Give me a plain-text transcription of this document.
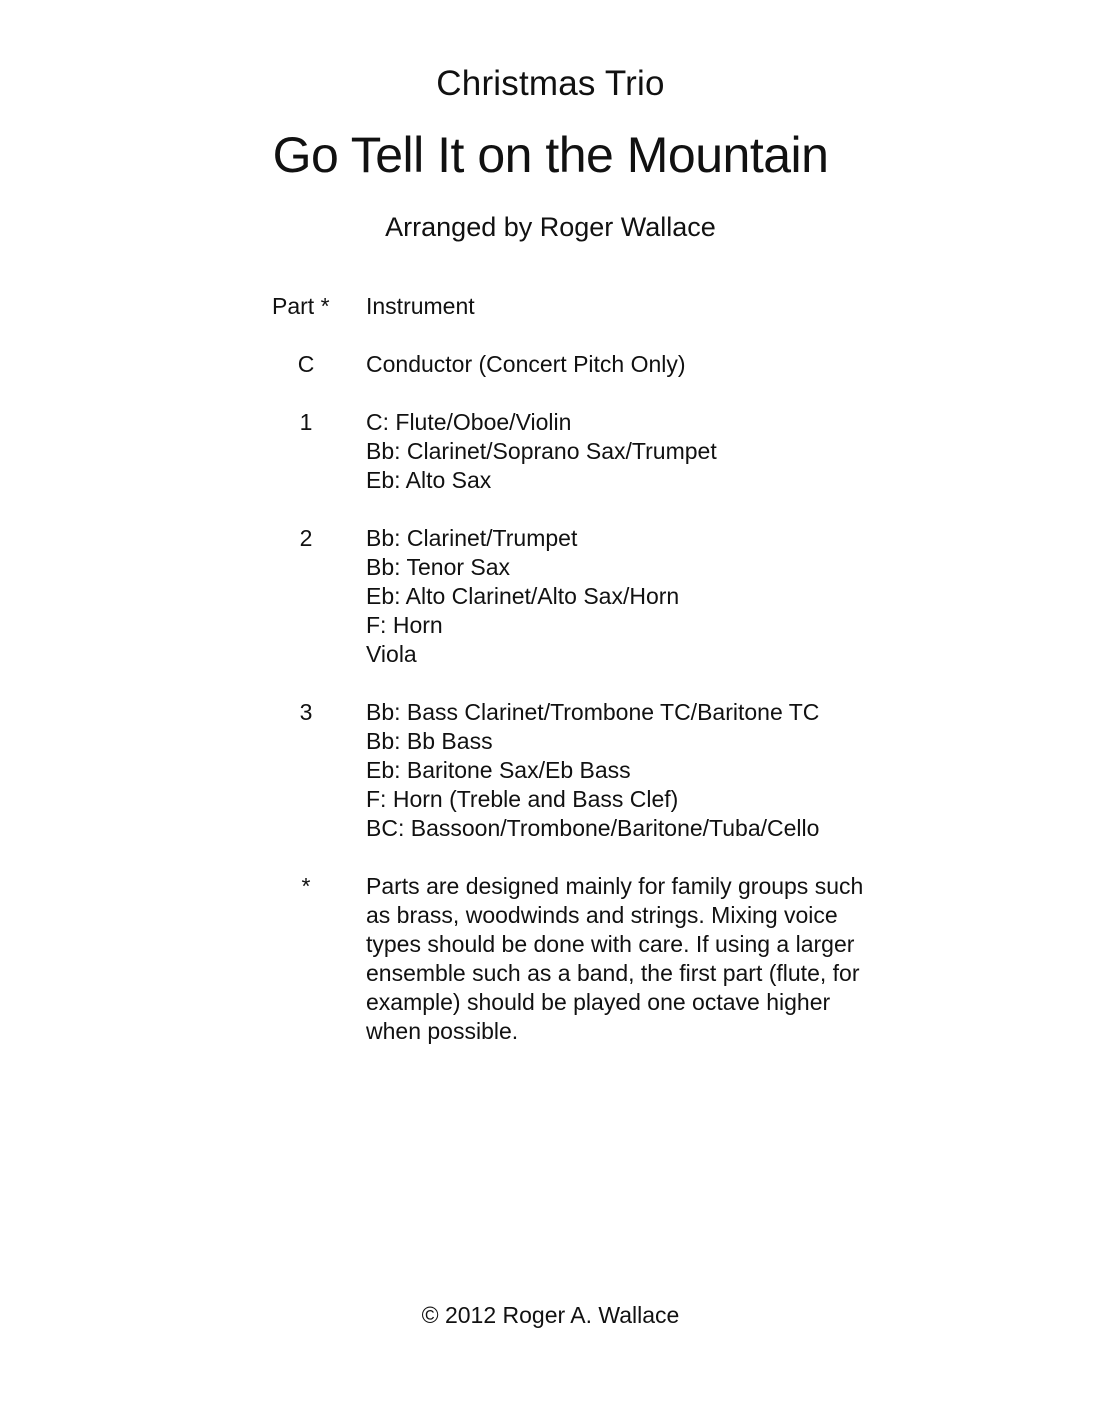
Christmas Trio
Go Tell It on the Mountain
Arranged by Roger Wallace
Part *	Instrument
C	Conductor (Concert Pitch Only)
1	C: Flute/Oboe/Violin
Bb: Clarinet/Soprano Sax/Trumpet
Eb: Alto Sax
2	Bb: Clarinet/Trumpet
Bb: Tenor Sax
Eb: Alto Clarinet/Alto Sax/Horn
F: Horn
Viola
3	Bb: Bass Clarinet/Trombone TC/Baritone TC
Bb: Bb Bass
Eb: Baritone Sax/Eb Bass
F: Horn (Treble and Bass Clef)
BC: Bassoon/Trombone/Baritone/Tuba/Cello
*	Parts are designed mainly for family groups such as brass, woodwinds and strings. Mixing voice types should be done with care. If using a larger ensemble such as a band, the first part (flute, for example) should be played one octave higher when possible.
© 2012 Roger A. Wallace
